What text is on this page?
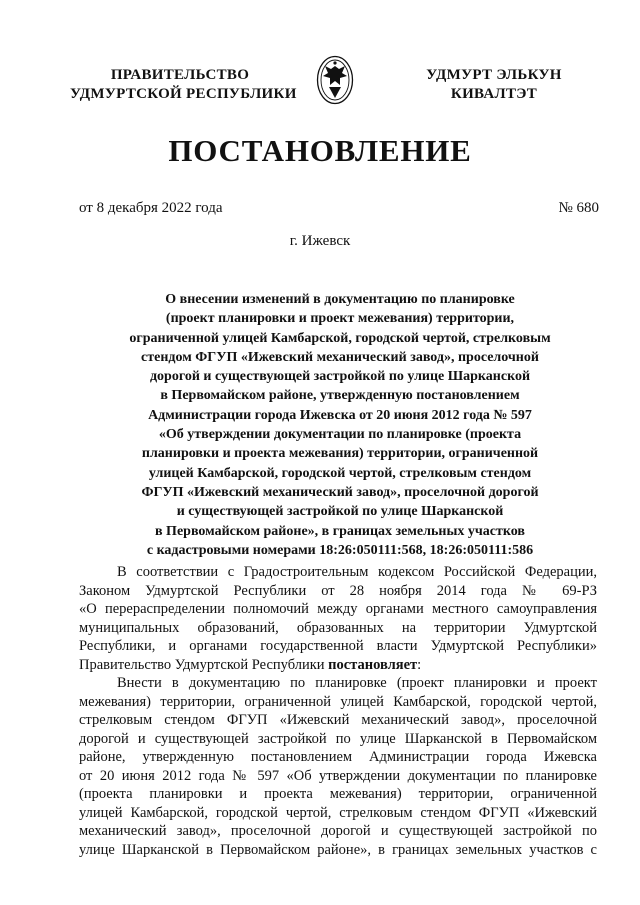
ПРАВИТЕЛЬСТВО
УДМУРТСКОЙ РЕСПУБЛИКИ
УДМУРТ ЭЛЬКУН
КИВАЛТЭТ
ПОСТАНОВЛЕНИЕ
от 8 декабря 2022 года	№ 680
г. Ижевск
О внесении изменений в документацию по планировке
(проект планировки и проект межевания) территории,
ограниченной улицей Камбарской, городской чертой, стрелковым
стендом ФГУП «Ижевский механический завод», проселочной
дорогой и существующей застройкой по улице Шарканской
в Первомайском районе, утвержденную постановлением
Администрации города Ижевска от 20 июня 2012 года № 597
«Об утверждении документации по планировке (проекта
планировки и проекта межевания) территории, ограниченной
улицей Камбарской, городской чертой, стрелковым стендом
ФГУП «Ижевский механический завод», проселочной дорогой
и существующей застройкой по улице Шарканской
в Первомайском районе», в границах земельных участков
с кадастровыми номерами 18:26:050111:568, 18:26:050111:586
В соответствии с Градостроительным кодексом Российской Федерации,
Законом Удмуртской Республики от 28 ноября 2014 года № 69-РЗ
«О перераспределении полномочий между органами местного самоуправления
муниципальных образований, образованных на территории Удмуртской
Республики, и органами государственной власти Удмуртской Республики»
Правительство Удмуртской Республики постановляет:
Внести в документацию по планировке (проект планировки и проект
межевания) территории, ограниченной улицей Камбарской, городской чертой,
стрелковым стендом ФГУП «Ижевский механический завод», проселочной
дорогой и существующей застройкой по улице Шарканской в Первомайском
районе, утвержденную постановлением Администрации города Ижевска
от 20 июня 2012 года № 597 «Об утверждении документации по планировке
(проекта планировки и проекта межевания) территории, ограниченной
улицей Камбарской, городской чертой, стрелковым стендом ФГУП «Ижевский
механический завод», проселочной дорогой и существующей застройкой по
улице Шарканской в Первомайском районе», в границах земельных участков с
